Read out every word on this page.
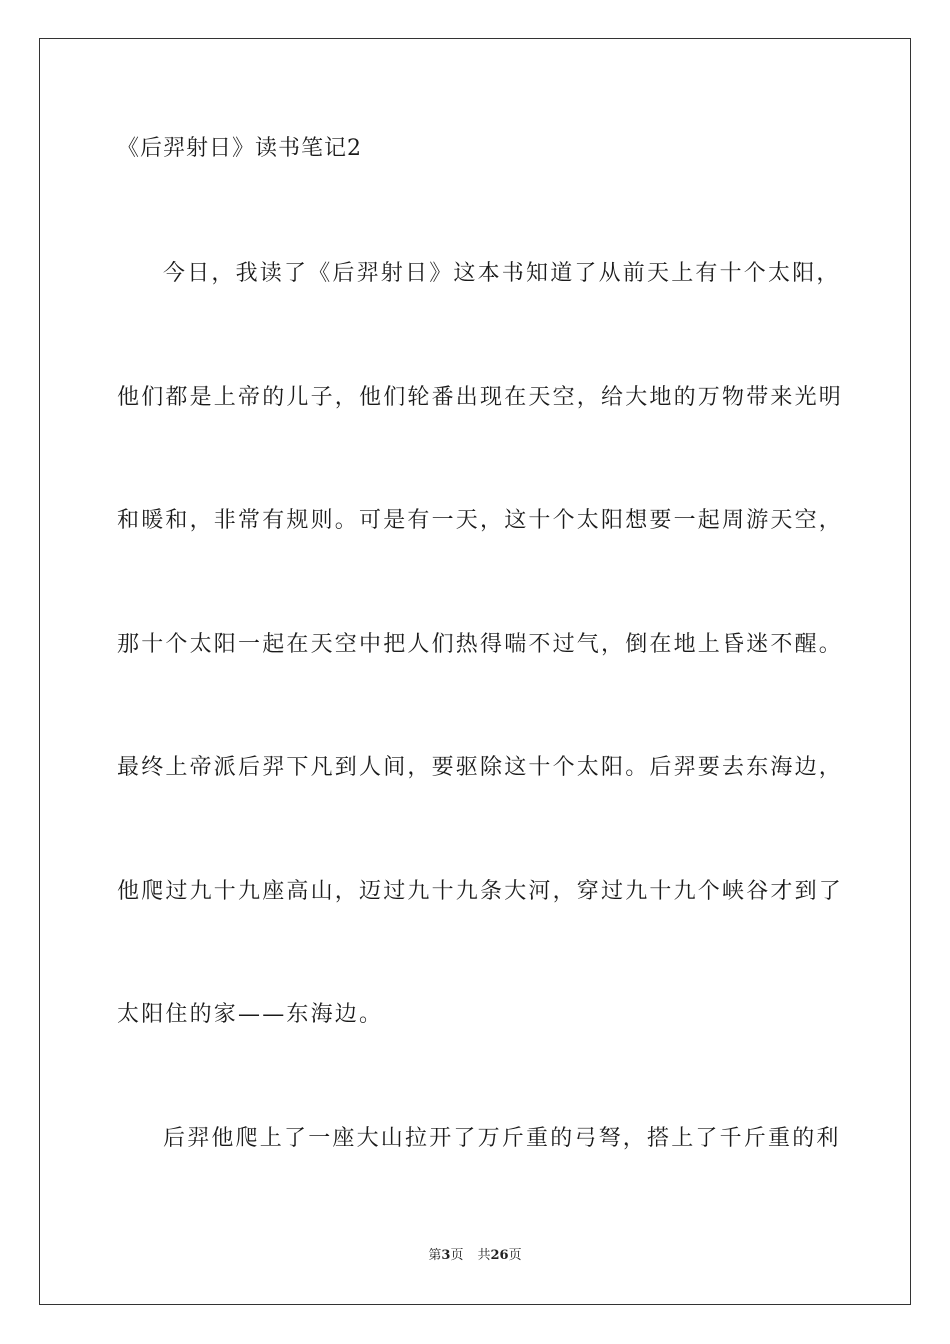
《后羿射日》读书笔记2
今日，我读了《后羿射日》这本书知道了从前天上有十个太阳，
他们都是上帝的儿子，他们轮番出现在天空，给大地的万物带来光明
和暖和，非常有规则。可是有一天，这十个太阳想要一起周游天空，
那十个太阳一起在天空中把人们热得喘不过气，倒在地上昏迷不醒。
最终上帝派后羿下凡到人间，要驱除这十个太阳。后羿要去东海边，
他爬过九十九座高山，迈过九十九条大河，穿过九十九个峡谷才到了
太阳住的家——东海边。
后羿他爬上了一座大山拉开了万斤重的弓弩，搭上了千斤重的利
第3页 共26页
